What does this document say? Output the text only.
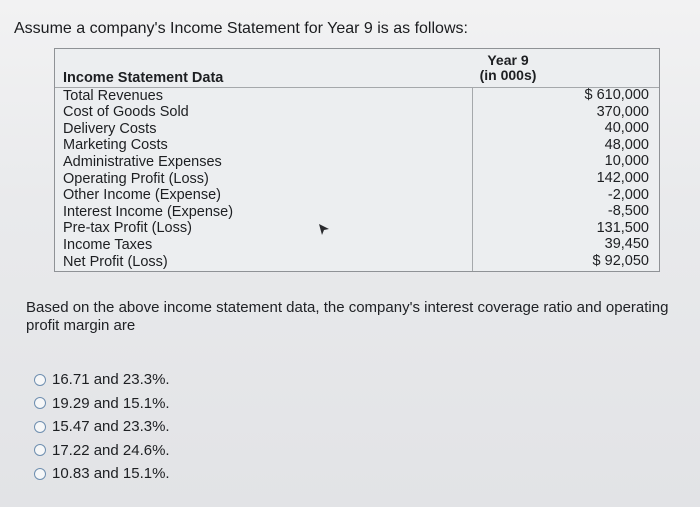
Assume a company's Income Statement for Year 9 is as follows:
Year 9
(in 000s)
Income Statement Data
Total Revenues
Cost of Goods Sold
Delivery Costs
Marketing Costs
Administrative Expenses
Operating Profit (Loss)
Other Income (Expense)
Interest Income (Expense)
Pre-tax Profit (Loss)
Income Taxes
Net Profit (Loss)
$ 610,000
370,000
40,000
48,000
10,000
142,000
-2,000
-8,500
131,500
39,450
$ 92,050
Based on the above income statement data, the company's interest coverage ratio and operating profit margin are
16.71 and 23.3%.
19.29 and 15.1%.
15.47 and 23.3%.
17.22 and 24.6%.
10.83 and 15.1%.
